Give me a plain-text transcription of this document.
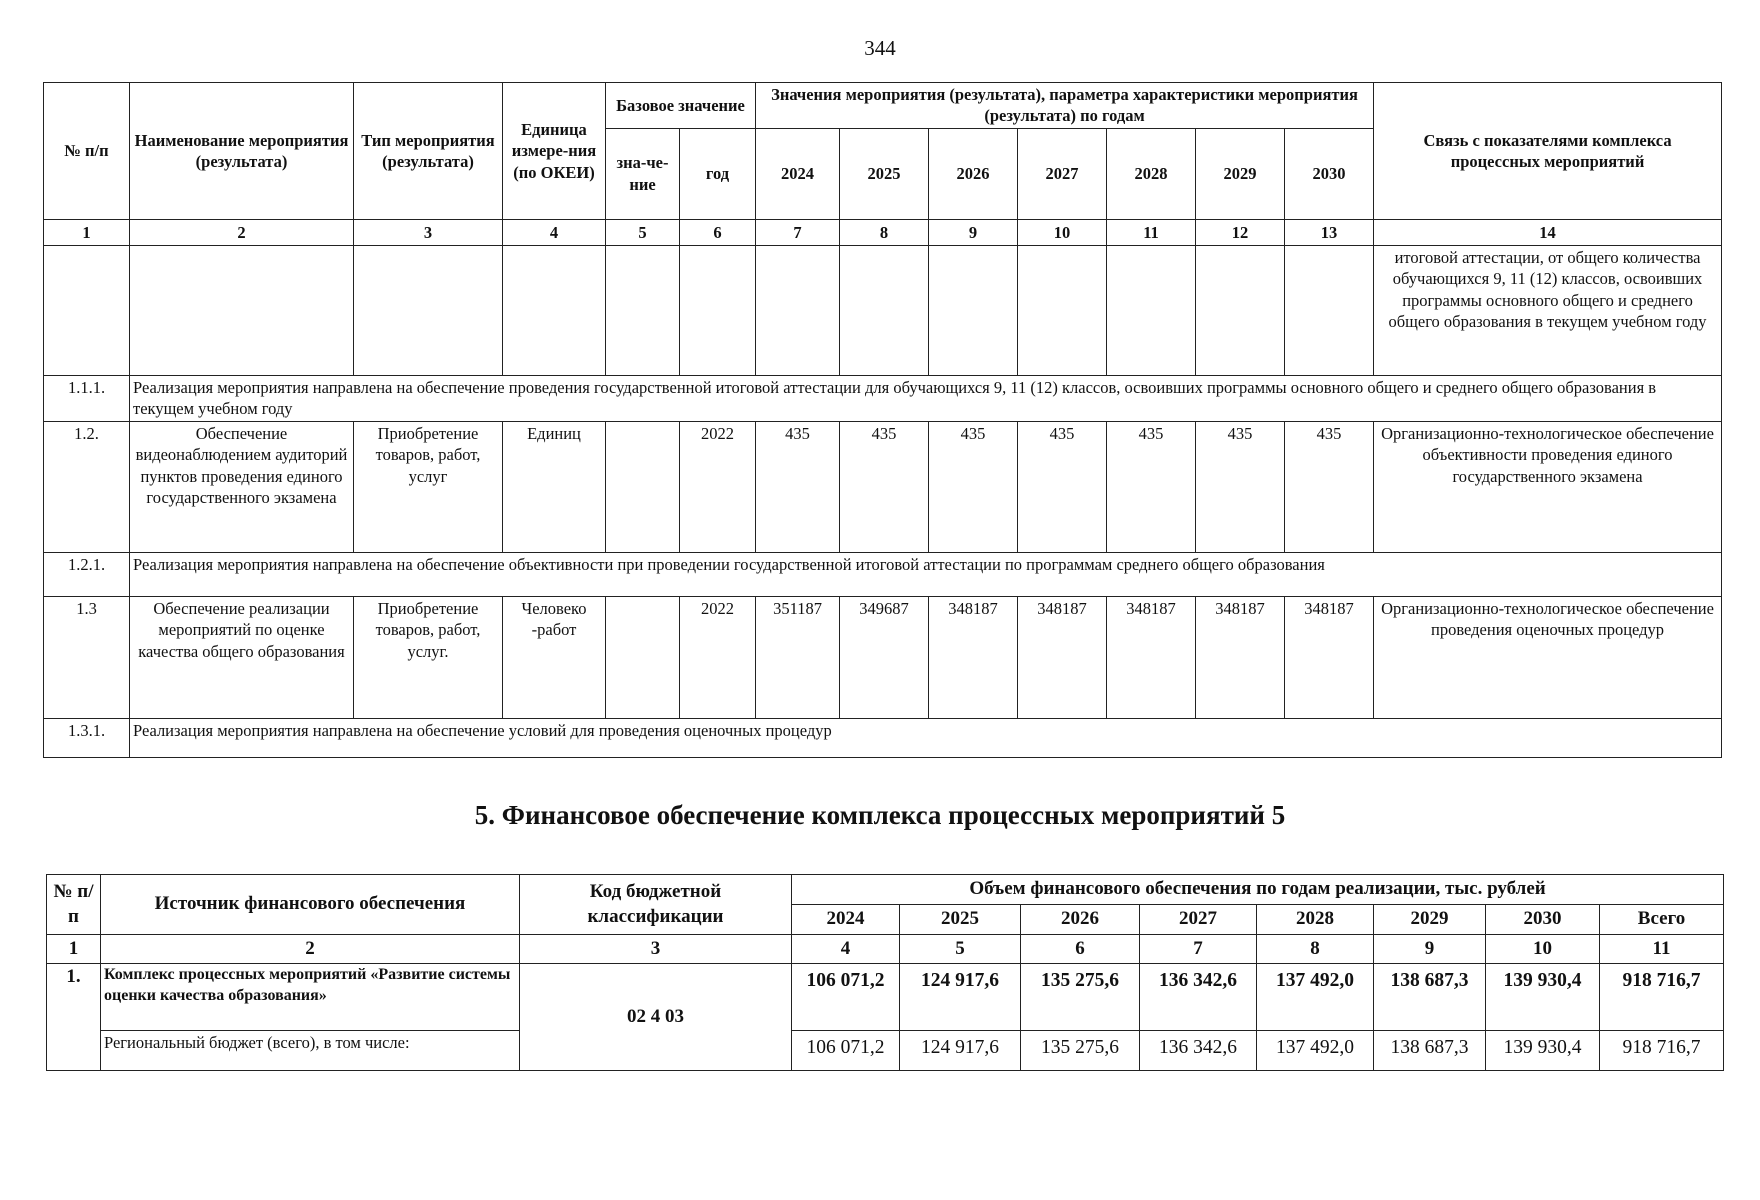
344
№ п/п	Наименование мероприятия (результата)	Тип мероприятия (результата)	Единица измере-ния (по ОКЕИ)	Базовое значение		Значения мероприятия (результата), параметра характеристики мероприятия (результата) по годам							Связь с показателями комплекса процессных мероприятий
				зна-че-ние	год	2024	2025	2026	2027	2028	2029	2030	
1	2	3	4	5	6	7	8	9	10	11	12	13	14
													итоговой аттестации, от общего количества обучающихся 9, 11 (12) классов, освоивших программы основного общего и среднего общего образования в текущем учебном году
1.1.1.	Реализация мероприятия направлена на обеспечение проведения государственной итоговой аттестации для обучающихся 9, 11 (12) классов, освоивших программы основного общего и среднего общего образования в текущем учебном году												
1.2.	Обеспечение видеонаблюдением аудиторий пунктов проведения единого государственного экзамена	Приобретение товаров, работ, услуг	Единиц		2022	435	435	435	435	435	435	435	Организационно-технологическое обеспечение объективности проведения единого государственного экзамена
1.2.1.	Реализация мероприятия направлена на обеспечение объективности при проведении государственной итоговой аттестации по программам среднего общего образования												
1.3	Обеспечение реализации мероприятий по оценке качества общего образования	Приобретение товаров, работ, услуг.	Человеко -работ		2022	351187	349687	348187	348187	348187	348187	348187	Организационно-технологическое обеспечение проведения оценочных процедур
1.3.1.	Реализация мероприятия направлена на обеспечение условий для проведения оценочных процедур												
5. Финансовое обеспечение комплекса процессных мероприятий 5
№ п/п	Источник финансового обеспечения	Код бюджетной классификации	Объем финансового обеспечения по годам реализации, тыс. рублей							
			2024	2025	2026	2027	2028	2029	2030	Всего
1	2	3	4	5	6	7	8	9	10	11
1.	Комплекс процессных мероприятий «Развитие системы оценки качества образования»	02 4 03	106 071,2	124 917,6	135 275,6	136 342,6	137 492,0	138 687,3	139 930,4	918 716,7
	Региональный бюджет (всего), в том числе:		106 071,2	124 917,6	135 275,6	136 342,6	137 492,0	138 687,3	139 930,4	918 716,7
